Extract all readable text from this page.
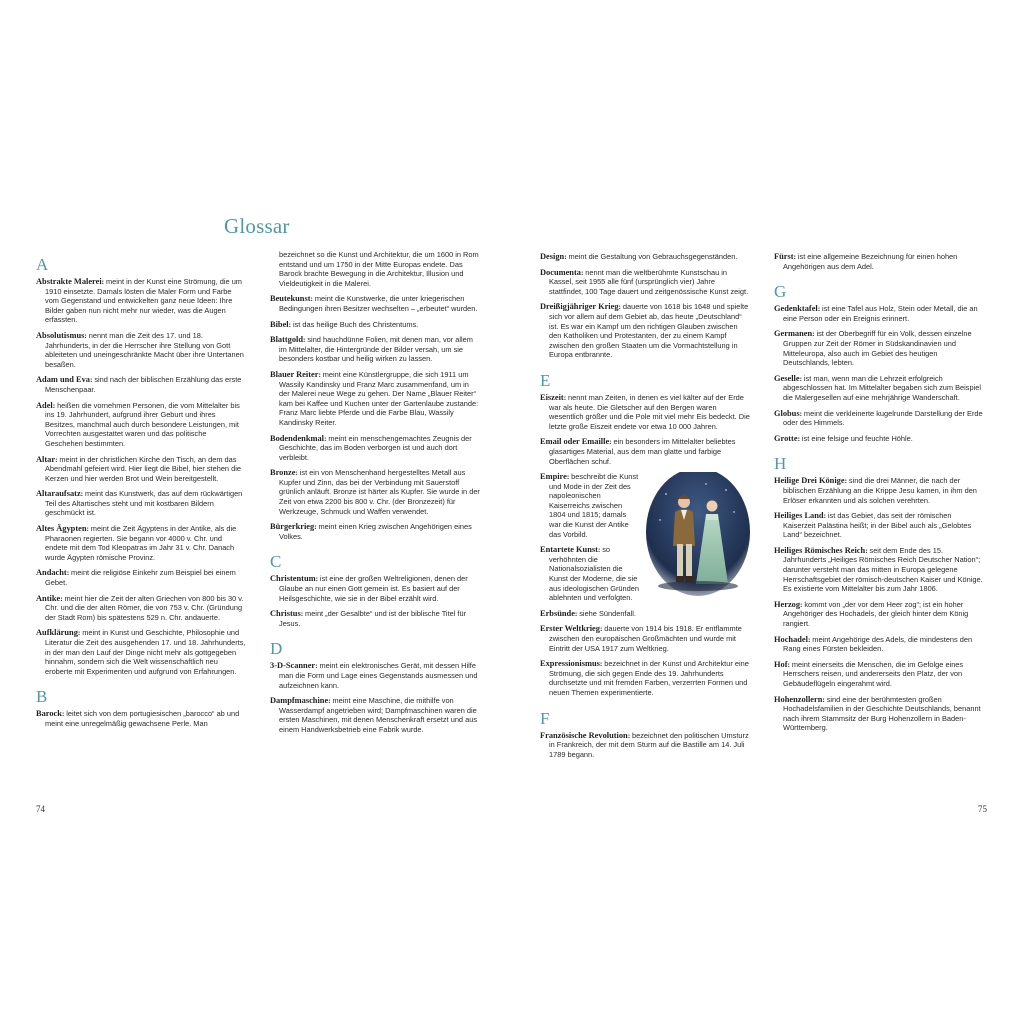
Glossar
A

Abstrakte Malerei: meint in der Kunst eine Strömung, die um 1910 einsetzte. Damals lösten die Maler Form und Farbe vom Gegenstand und entwickelten ganz neue Ideen: Ihre Bilder gaben nun nicht mehr nur wieder, was die Augen erfassten.

Absolutismus: nennt man die Zeit des 17. und 18. Jahrhunderts, in der die Herrscher ihre Stellung von Gott ableiteten und uneingeschränkte Macht über ihre Untertanen besaßen.

Adam und Eva: sind nach der biblischen Erzählung das erste Menschenpaar.

Adel: heißen die vornehmen Personen, die vom Mittelalter bis ins 19. Jahrhundert, aufgrund ihrer Geburt und ihres Besitzes, manchmal auch durch besondere Leistungen, mit Vorrechten ausgestattet waren und das politische Geschehen bestimmten.

Altar: meint in der christlichen Kirche den Tisch, an dem das Abendmahl gefeiert wird. Hier liegt die Bibel, hier stehen die Kerzen und hier werden Brot und Wein bereitgestellt.

Altaraufsatz: meint das Kunstwerk, das auf dem rückwärtigen Teil des Altartisches steht und mit kostbaren Bildern geschmückt ist.

Altes Ägypten: meint die Zeit Ägyptens in der Antike, als die Pharaonen regierten. Sie begann vor 4000 v. Chr. und endete mit dem Tod Kleopatras im Jahr 31 v. Chr. Danach wurde Ägypten römische Provinz.

Andacht: meint die religiöse Einkehr zum Beispiel bei einem Gebet.

Antike: meint hier die Zeit der alten Griechen von 800 bis 30 v. Chr. und die der alten Römer, die von 753 v. Chr. (Gründung der Stadt Rom) bis spätestens 529 n. Chr. andauerte.

Aufklärung: meint in Kunst und Geschichte, Philosophie und Literatur die Zeit des ausgehenden 17. und 18. Jahrhunderts, in der man den Lauf der Dinge nicht mehr als gottgegeben hinnahm, sondern sich die Welt wissenschaftlich neu eroberte mit Experimenten und aufgrund von Erfahrungen.

B

Barock: leitet sich von dem portugiesischen „barocco“ ab und meint eine unregelmäßig gewachsene Perle. Man

bezeichnet so die Kunst und Architektur, die um 1600 in Rom entstand und um 1750 in der Mitte Europas endete. Das Barock brachte Bewegung in die Architektur, Illusion und Vieldeutigkeit in die Malerei.

Beutekunst: meint die Kunstwerke, die unter kriegerischen Bedingungen ihren Besitzer wechselten – „erbeutet“ wurden.

Bibel: ist das heilige Buch des Christentums.

Blattgold: sind hauchdünne Folien, mit denen man, vor allem im Mittelalter, die Hintergründe der Bilder versah, um sie besonders kostbar und heilig wirken zu lassen.

Blauer Reiter: meint eine Künstlergruppe, die sich 1911 um Wassily Kandinsky und Franz Marc zusammenfand, um in der Malerei neue Wege zu gehen. Der Name „Blauer Reiter“ kam bei Kaffee und Kuchen unter der Gartenlaube zustande: Franz Marc liebte Pferde und die Farbe Blau, Wassily Kandinsky Reiter.

Bodendenkmal: meint ein menschengemachtes Zeugnis der Geschichte, das im Boden verborgen ist und auch dort verbleibt.

Bronze: ist ein von Menschenhand hergestelltes Metall aus Kupfer und Zinn, das bei der Verbindung mit Sauerstoff grünlich anläuft. Bronze ist härter als Kupfer. Sie wurde in der Zeit von etwa 2200 bis 800 v. Chr. (der Bronzezeit) für Werkzeuge, Schmuck und Waffen verwendet.

Bürgerkrieg: meint einen Krieg zwischen Angehörigen eines Volkes.

C

Christentum: ist eine der großen Weltreligionen, denen der Glaube an nur einen Gott gemein ist. Es basiert auf der Heilsgeschichte, wie sie in der Bibel erzählt wird.

Christus: meint „der Gesalbte“ und ist der biblische Titel für Jesus.

D

3-D-Scanner: meint ein elektronisches Gerät, mit dessen Hilfe man die Form und Lage eines Gegenstands ausmessen und aufzeichnen kann.

Dampfmaschine: meint eine Maschine, die mithilfe von Wasserdampf angetrieben wird; Dampfmaschinen waren die ersten Maschinen, mit denen Menschenkraft ersetzt und aus einem Handwerksbetrieb eine Fabrik wurde.

Design: meint die Gestaltung von Gebrauchsgegenständen.

Documenta: nennt man die weltberühmte Kunstschau in Kassel, seit 1955 alle fünf (ursprünglich vier) Jahre stattfindet, 100 Tage dauert und zeitgenössische Kunst zeigt.

Dreißigjähriger Krieg: dauerte von 1618 bis 1648 und spielte sich vor allem auf dem Gebiet ab, das heute „Deutschland“ ist. Es war ein Kampf um den richtigen Glauben zwischen den Katholiken und Protestanten, der zu einem Kampf zwischen den großen Staaten um die Vormachtstellung in Europa entbrannte.

E

Eiszeit: nennt man Zeiten, in denen es viel kälter auf der Erde war als heute. Die Gletscher auf den Bergen waren wesentlich größer und die Pole mit viel mehr Eis bedeckt. Die letzte große Eiszeit endete vor etwa 10 000 Jahren.

Email oder Emaille: ein besonders im Mittelalter beliebtes glasartiges Material, aus dem man glatte und farbige Oberflächen schuf.

Empire: beschreibt die Kunst und Mode in der Zeit des napoleonischen Kaiserreichs zwischen 1804 und 1815; damals war die Kunst der Antike das Vorbild.

Entartete Kunst: so verhöhnten die Nationalsozialisten die Kunst der Moderne, die sie aus ideologischen Gründen ablehnten und verfolgten.

Erbsünde: siehe Sündenfall.

Erster Weltkrieg: dauerte von 1914 bis 1918. Er entflammte zwischen den europäischen Großmächten und wurde mit Eintritt der USA 1917 zum Weltkrieg.

Expressionismus: bezeichnet in der Kunst und Architektur eine Strömung, die sich gegen Ende des 19. Jahrhunderts durchsetzte und mit fremden Farben, verzerrten Formen und neuen Themen experimentierte.

F

Französische Revolution: bezeichnet den politischen Umsturz in Frankreich, der mit dem Sturm auf die Bastille am 14. Juli 1789 begann.

Fürst: ist eine allgemeine Bezeichnung für einen hohen Angehörigen aus dem Adel.

G

Gedenktafel: ist eine Tafel aus Holz, Stein oder Metall, die an eine Person oder ein Ereignis erinnert.

Germanen: ist der Oberbegriff für ein Volk, dessen einzelne Gruppen zur Zeit der Römer in Südskandinavien und Mitteleuropa, also auch im Gebiet des heutigen Deutschlands, lebten.

Geselle: ist man, wenn man die Lehrzeit erfolgreich abgeschlossen hat. Im Mittelalter begaben sich zum Beispiel die Malergesellen auf eine mehrjährige Wanderschaft.

Globus: meint die verkleinerte kugelrunde Darstellung der Erde oder des Himmels.

Grotte: ist eine felsige und feuchte Höhle.

H

Heilige Drei Könige: sind die drei Männer, die nach der biblischen Erzählung an die Krippe Jesu kamen, in ihm den Erlöser erkannten und als solchen verehrten.

Heiliges Land: ist das Gebiet, das seit der römischen Kaiserzeit Palästina heißt; in der Bibel auch als „Gelobtes Land“ bezeichnet.

Heiliges Römisches Reich: seit dem Ende des 15. Jahrhunderts „Heiliges Römisches Reich Deutscher Nation“; darunter versteht man das mitten in Europa gelegene Herrschaftsgebiet der römisch-deutschen Kaiser und Könige. Es existierte vom Mittelalter bis zum Jahr 1806.

Herzog: kommt von „der vor dem Heer zog“; ist ein hoher Angehöriger des Hochadels, der gleich hinter dem König rangiert.

Hochadel: meint Angehörige des Adels, die mindestens den Rang eines Fürsten bekleiden.

Hof: meint einerseits die Menschen, die im Gefolge eines Herrschers reisen, und andererseits den Platz, der von Gebäudeflügeln eingerahmt wird.

Hohenzollern: sind eine der berühmtesten großen Hochadelsfamilien in der Geschichte Deutschlands, benannt nach ihrem Stammsitz der Burg Hohenzollern in Baden-Württemberg.

74	75
